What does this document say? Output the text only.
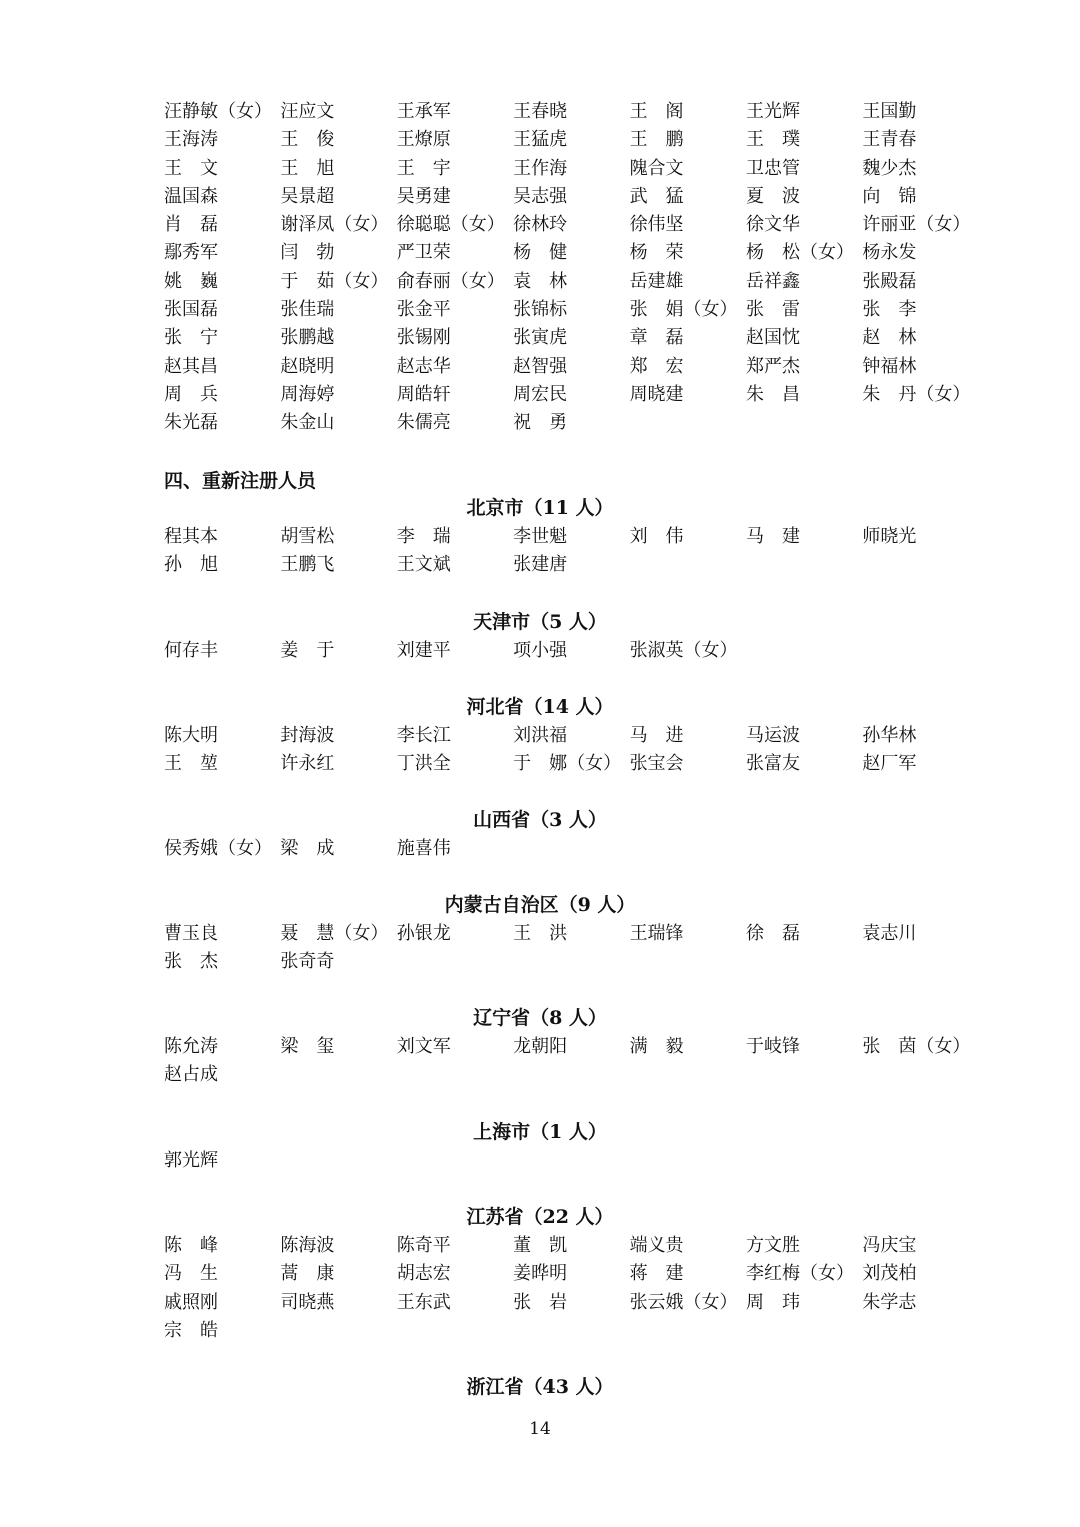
汪静敏（女） 汪应文	王承军	王春晓	王　阁	王光辉	王国勤
王海涛	王　俊	王燎原	王猛虎	王　鹏	王　璞	王青春
王　文	王　旭	王　宇	王作海	隗合文	卫忠管	魏少杰
温国森	吴景超	吴勇建	吴志强	武　猛	夏　波	向　锦
肖　磊	谢泽凤（女） 徐聪聪（女） 徐林玲	徐伟坚	徐文华	许丽亚（女）
鄢秀军	闫　勃	严卫荣	杨　健	杨　荣	杨　松（女） 杨永发
姚　巍	于　茹（女） 俞春丽（女） 袁　林	岳建雄	岳祥鑫	张殿磊
张国磊	张佳瑞	张金平	张锦标	张　娟（女） 张　雷	张　李
张　宁	张鹏越	张锡刚	张寅虎	章　磊	赵国忱	赵　林
赵其昌	赵晓明	赵志华	赵智强	郑　宏	郑严杰	钟福林
周　兵	周海婷	周皓轩	周宏民	周晓建	朱　昌	朱　丹（女）
朱光磊	朱金山	朱儒亮	祝　勇
四、重新注册人员
北京市（11 人）
程其本	胡雪松	李　瑞	李世魁	刘　伟	马　建	师晓光
孙　旭	王鹏飞	王文斌	张建唐
天津市（5 人）
何存丰	姜　于	刘建平	项小强	张淑英（女）
河北省（14 人）
陈大明	封海波	李长江	刘洪福	马　进	马运波	孙华林
王　堃	许永红	丁洪全	于　娜（女） 张宝会	张富友	赵厂军
山西省（3 人）
侯秀娥（女） 梁　成	施喜伟
内蒙古自治区（9 人）
曹玉良	聂　慧（女） 孙银龙	王　洪	王瑞锋	徐　磊	袁志川
张　杰	张奇奇
辽宁省（8 人）
陈允涛	梁　玺	刘文军	龙朝阳	满　毅	于岐锋	张　茵（女）
赵占成
上海市（1 人）
郭光辉
江苏省（22 人）
陈　峰	陈海波	陈奇平	董　凯	端义贵	方文胜	冯庆宝
冯　生	蒿　康	胡志宏	姜晔明	蒋　建	李红梅（女） 刘茂柏
戚照刚	司晓燕	王东武	张　岩	张云娥（女） 周　玮	朱学志
宗　皓
浙江省（43 人）
14
